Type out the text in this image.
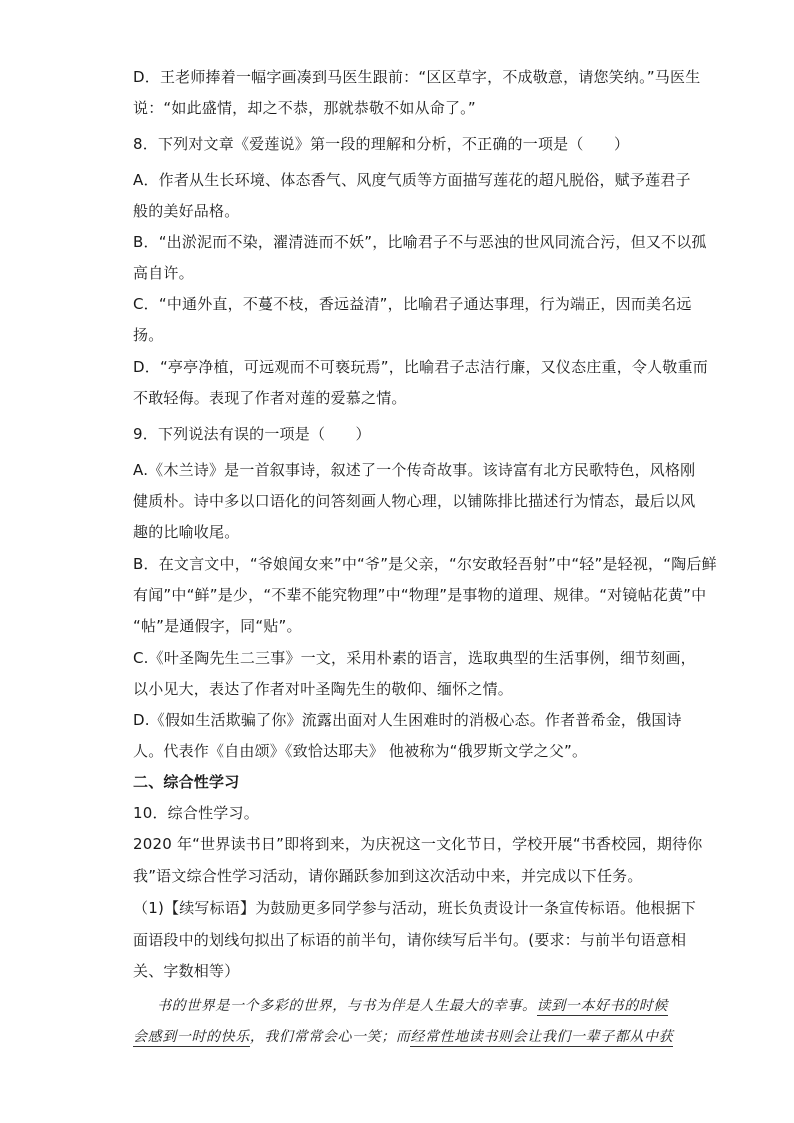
D．王老师捧着一幅字画凑到马医生跟前：“区区草字，不成敬意，请您笑纳。”马医生
说：“如此盛情，却之不恭，那就恭敬不如从命了。”
8．下列对文章《爱莲说》第一段的理解和分析，不正确的一项是（　　）
A．作者从生长环境、体态香气、风度气质等方面描写莲花的超凡脱俗，赋予莲君子
般的美好品格。
B．“出淤泥而不染，濯清涟而不妖”，比喻君子不与恶浊的世风同流合污，但又不以孤
高自许。
C．“中通外直，不蔓不枝，香远益清”，比喻君子通达事理，行为端正，因而美名远
扬。
D．“亭亭净植，可远观而不可亵玩焉”，比喻君子志洁行廉，又仪态庄重，令人敬重而
不敢轻侮。表现了作者对莲的爱慕之情。
9．下列说法有误的一项是（　　）
A.《木兰诗》是一首叙事诗，叙述了一个传奇故事。该诗富有北方民歌特色，风格刚
健质朴。诗中多以口语化的问答刻画人物心理，以铺陈排比描述行为情态，最后以风
趣的比喻收尾。
B．在文言文中，“爷娘闻女来”中“爷”是父亲，“尔安敢轻吾射”中“轻”是轻视，“陶后鲜
有闻”中“鲜”是少，“不辈不能究物理”中“物理”是事物的道理、规律。“对镜帖花黄”中
“帖”是通假字，同“贴”。
C.《叶圣陶先生二三事》一文，采用朴素的语言，选取典型的生活事例，细节刻画，
以小见大，表达了作者对叶圣陶先生的敬仰、缅怀之情。
D.《假如生活欺骗了你》流露出面对人生困难时的消极心态。作者普希金，俄国诗
人。代表作《自由颂》《致恰达耶夫》 他被称为“俄罗斯文学之父”。
二、综合性学习
10．综合性学习。
2020 年“世界读书日”即将到来，为庆祝这一文化节日，学校开展“书香校园，期待你
我”语文综合性学习活动，请你踊跃参加到这次活动中来，并完成以下任务。
（1)【续写标语】为鼓励更多同学参与活动，班长负责设计一条宣传标语。他根据下
面语段中的划线句拟出了标语的前半句，请你续写后半句。(要求：与前半句语意相
关、字数相等）
书的世界是一个多彩的世界，与书为伴是人生最大的幸事。读到一本好书的时候
会感到一时的快乐，我们常常会心一笑；而经常性地读书则会让我们一辈子都从中获
